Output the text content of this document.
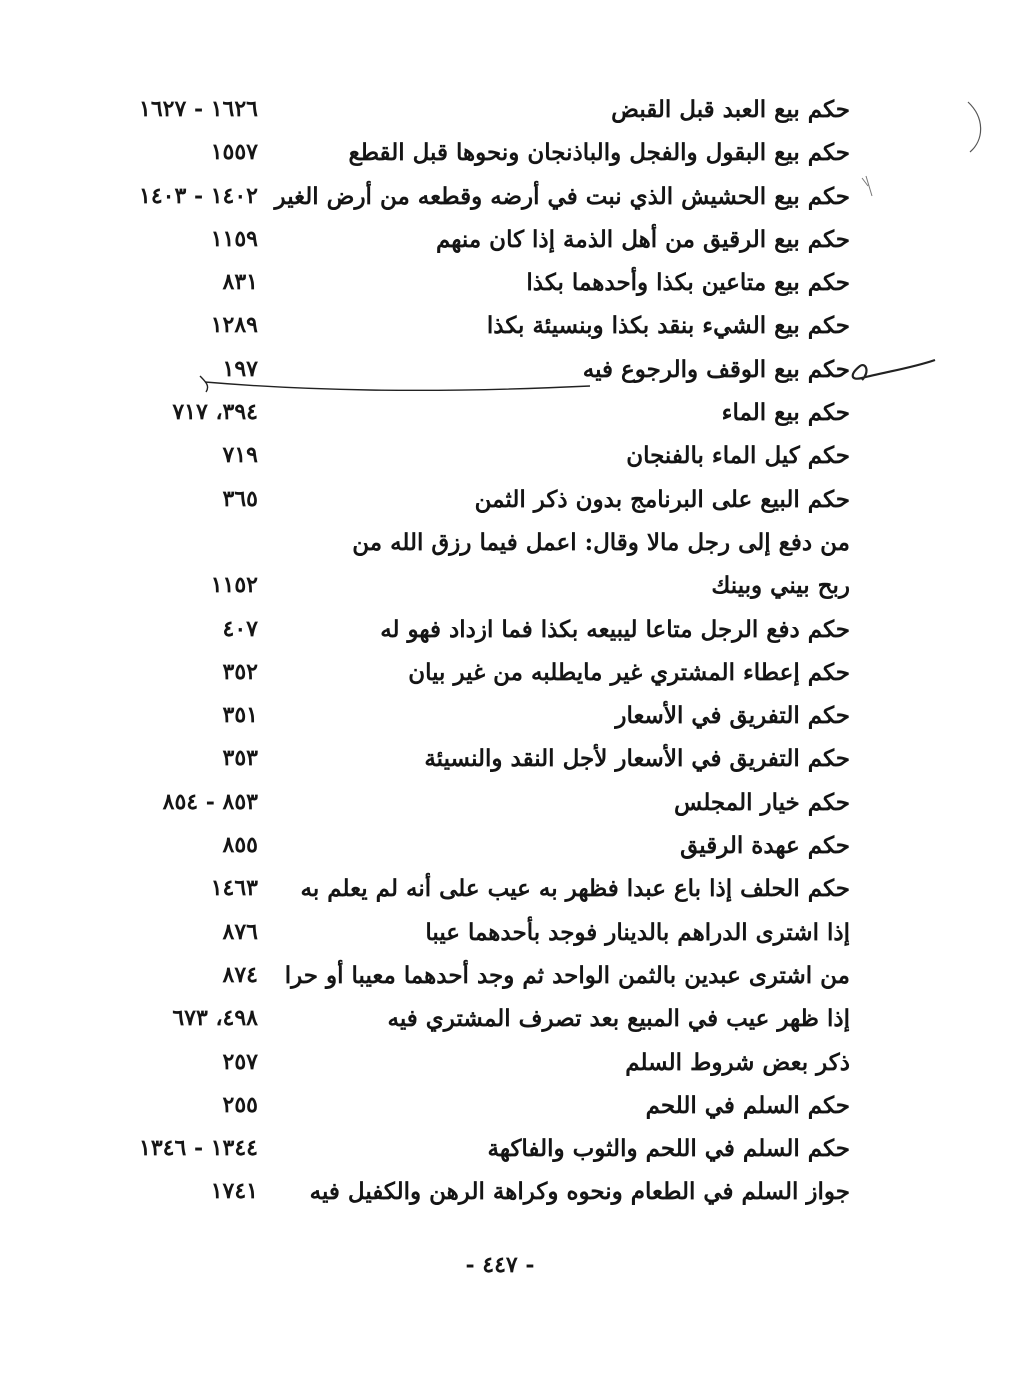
حكم بيع العبد قبل القبض
١٦٢٦ - ١٦٢٧
حكم بيع البقول والفجل والباذنجان ونحوها قبل القطع
١٥٥٧
حكم بيع الحشيش الذي نبت في أرضه وقطعه من أرض الغير
١٤٠٢ - ١٤٠٣
حكم بيع الرقيق من أهل الذمة إذا كان منهم
١١٥٩
حكم بيع متاعين بكذا وأحدهما بكذا
٨٣١
حكم بيع الشيء بنقد بكذا وبنسيئة بكذا
١٢٨٩
حكم بيع الوقف والرجوع فيه
١٩٧
حكم بيع الماء
٣٩٤، ٧١٧
حكم كيل الماء بالفنجان
٧١٩
حكم البيع على البرنامج بدون ذكر الثمن
٣٦٥
من دفع إلى رجل مالا وقال: اعمل فيما رزق الله من
ربح بيني وبينك
١١٥٢
حكم دفع الرجل متاعا ليبيعه بكذا فما ازداد فهو له
٤٠٧
حكم إعطاء المشتري غير مايطلبه من غير بيان
٣٥٢
حكم التفريق في الأسعار
٣٥١
حكم التفريق في الأسعار لأجل النقد والنسيئة
٣٥٣
حكم خيار المجلس
٨٥٣ - ٨٥٤
حكم عهدة الرقيق
٨٥٥
حكم الحلف إذا باع عبدا فظهر به عيب على أنه لم يعلم به
١٤٦٣
إذا اشترى الدراهم بالدينار فوجد بأحدهما عيبا
٨٧٦
من اشترى عبدين بالثمن الواحد ثم وجد أحدهما معيبا أو حرا
٨٧٤
إذا ظهر عيب في المبيع بعد تصرف المشتري فيه
٤٩٨، ٦٧٣
ذكر بعض شروط السلم
٢٥٧
حكم السلم في اللحم
٢٥٥
حكم السلم في اللحم والثوب والفاكهة
١٣٤٤ - ١٣٤٦
جواز السلم في الطعام ونحوه وكراهة الرهن والكفيل فيه
١٧٤١
- ٤٤٧ -
